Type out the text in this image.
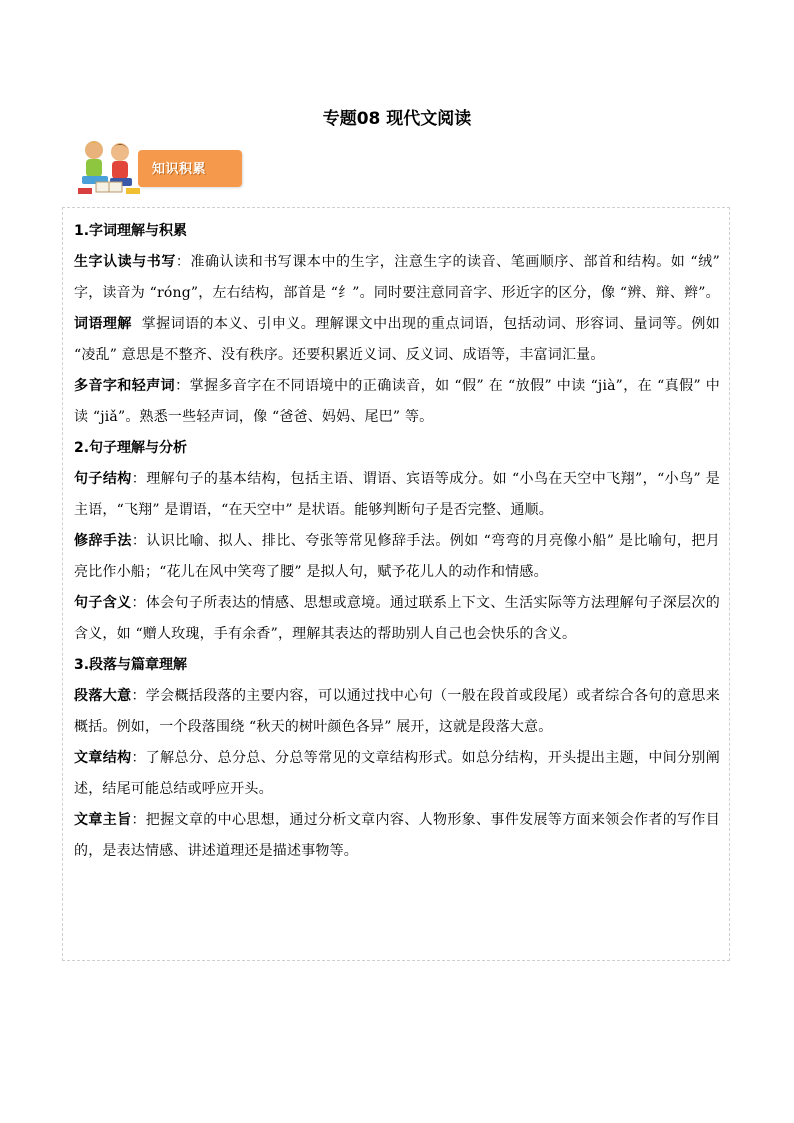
专题08 现代文阅读
知识积累
1.字词理解与积累

生字认读与书写：准确认读和书写课本中的生字，注意生字的读音、笔画顺序、部首和结构。如 “绒” 字，读音为 “róng”，左右结构，部首是 “纟”。同时要注意同音字、形近字的区分，像 “辨、辩、辫”。

词语理解 掌握词语的本义、引申义。理解课文中出现的重点词语，包括动词、形容词、量词等。例如 “凌乱” 意思是不整齐、没有秩序。还要积累近义词、反义词、成语等，丰富词汇量。

多音字和轻声词：掌握多音字在不同语境中的正确读音，如 “假” 在 “放假” 中读 “jià”，在 “真假” 中读 “jiǎ”。熟悉一些轻声词，像 “爸爸、妈妈、尾巴” 等。

2.句子理解与分析

句子结构：理解句子的基本结构，包括主语、谓语、宾语等成分。如 “小鸟在天空中飞翔”，“小鸟” 是主语，“飞翔” 是谓语，“在天空中” 是状语。能够判断句子是否完整、通顺。

修辞手法：认识比喻、拟人、排比、夸张等常见修辞手法。例如 “弯弯的月亮像小船” 是比喻句，把月亮比作小船；“花儿在风中笑弯了腰” 是拟人句，赋予花儿人的动作和情感。

句子含义：体会句子所表达的情感、思想或意境。通过联系上下文、生活实际等方法理解句子深层次的含义，如 “赠人玫瑰，手有余香”，理解其表达的帮助别人自己也会快乐的含义。

3.段落与篇章理解

段落大意：学会概括段落的主要内容，可以通过找中心句（一般在段首或段尾）或者综合各句的意思来概括。例如，一个段落围绕 “秋天的树叶颜色各异” 展开，这就是段落大意。

文章结构：了解总分、总分总、分总等常见的文章结构形式。如总分结构，开头提出主题，中间分别阐述，结尾可能总结或呼应开头。

文章主旨：把握文章的中心思想，通过分析文章内容、人物形象、事件发展等方面来领会作者的写作目的，是表达情感、讲述道理还是描述事物等。
